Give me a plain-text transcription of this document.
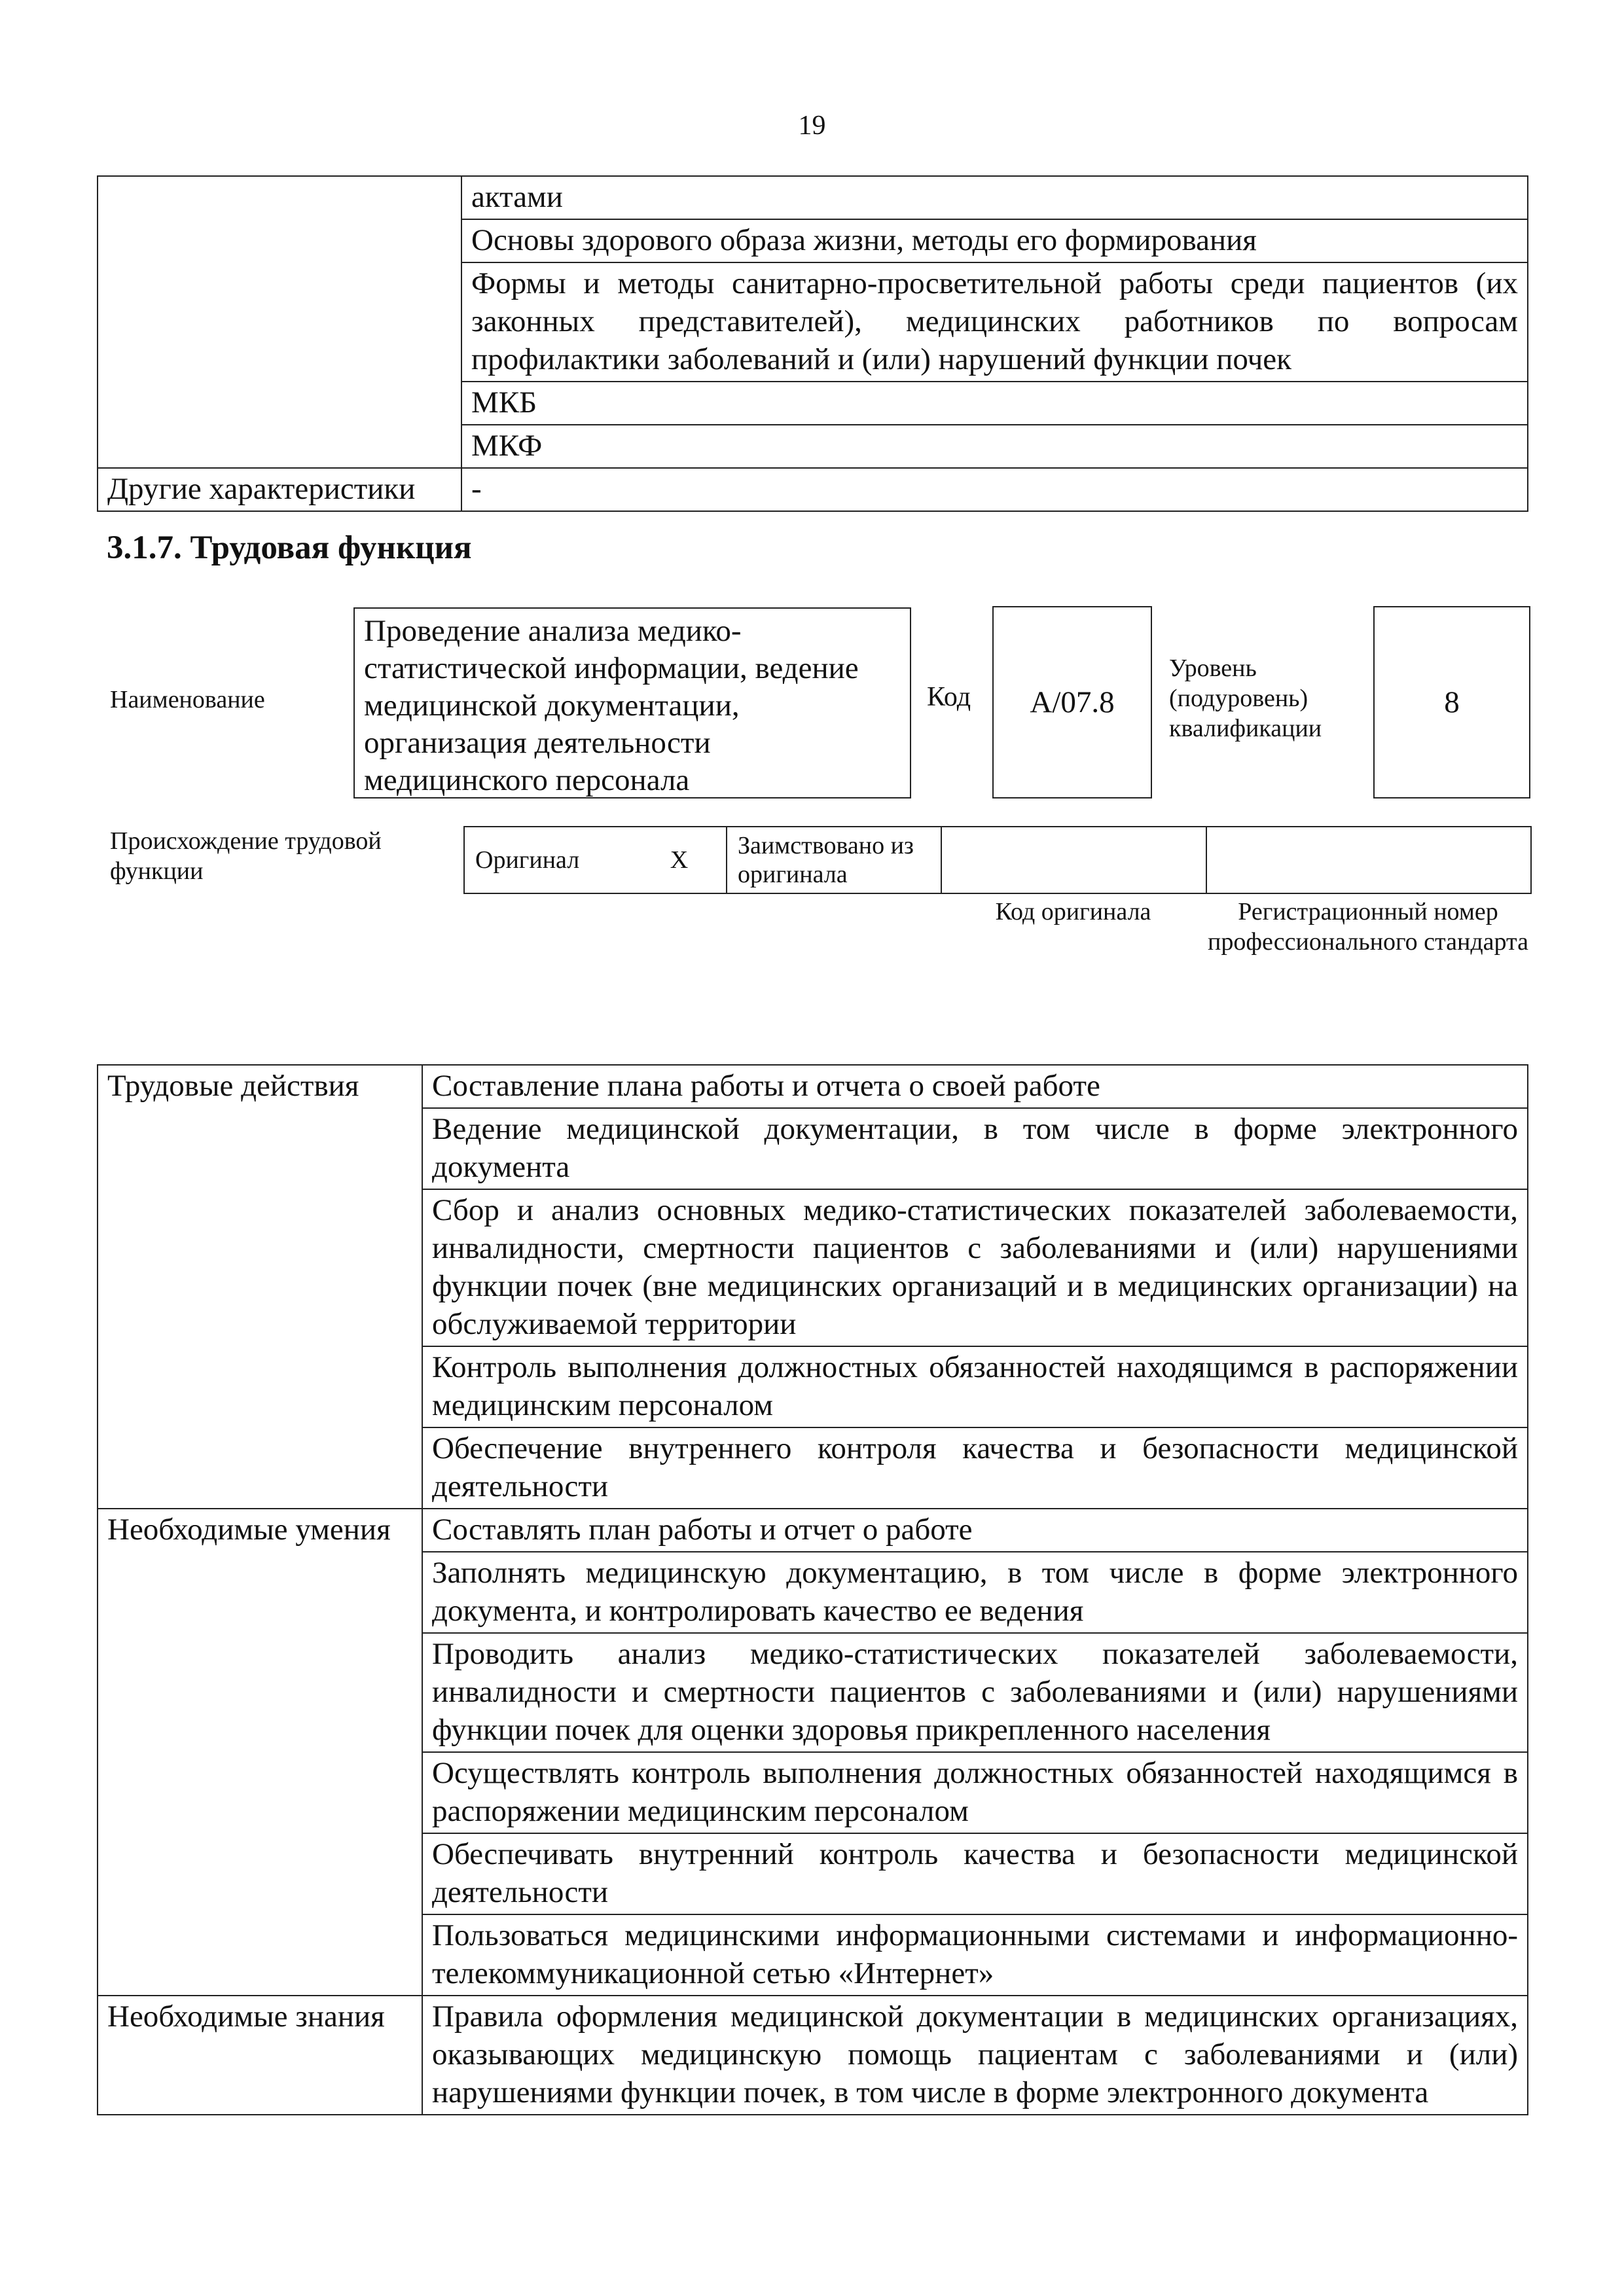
19
	актами
	Основы здорового образа жизни, методы его формирования
	Формы и методы санитарно-просветительной работы среди пациентов (их законных представителей), медицинских работников по вопросам профилактики заболеваний и (или) нарушений функции почек
	МКБ
	МКФ
Другие характеристики	-
3.1.7. Трудовая функция
Наименование
Проведение анализа медико-статистической информации, ведение медицинской документации, организация деятельности медицинского персонала
Код	А/07.8
Уровень (подуровень) квалификации
8
Происхождение трудовой функции	Оригинал	X	Заимствовано из оригинала		
Код оригинала	Регистрационный номер профессионального стандарта
Трудовые действия	Составление плана работы и отчета о своей работе
	Ведение медицинской документации, в том числе в форме электронного документа
	Сбор и анализ основных медико-статистических показателей заболеваемости, инвалидности, смертности пациентов с заболеваниями и (или) нарушениями функции почек (вне медицинских организаций и в медицинских организации) на обслуживаемой территории
	Контроль выполнения должностных обязанностей находящимся в распоряжении медицинским персоналом
	Обеспечение внутреннего контроля качества и безопасности медицинской деятельности
Необходимые умения	Составлять план работы и отчет о работе
	Заполнять медицинскую документацию, в том числе в форме электронного документа, и контролировать качество ее ведения
	Проводить анализ медико-статистических показателей заболеваемости, инвалидности и смертности пациентов с заболеваниями и (или) нарушениями функции почек для оценки здоровья прикрепленного населения
	Осуществлять контроль выполнения должностных обязанностей находящимся в распоряжении медицинским персоналом
	Обеспечивать внутренний контроль качества и безопасности медицинской деятельности
	Пользоваться медицинскими информационными системами и информационно-телекоммуникационной сетью «Интернет»
Необходимые знания	Правила оформления медицинской документации в медицинских организациях, оказывающих медицинскую помощь пациентам с заболеваниями и (или) нарушениями функции почек, в том числе в форме электронного документа
